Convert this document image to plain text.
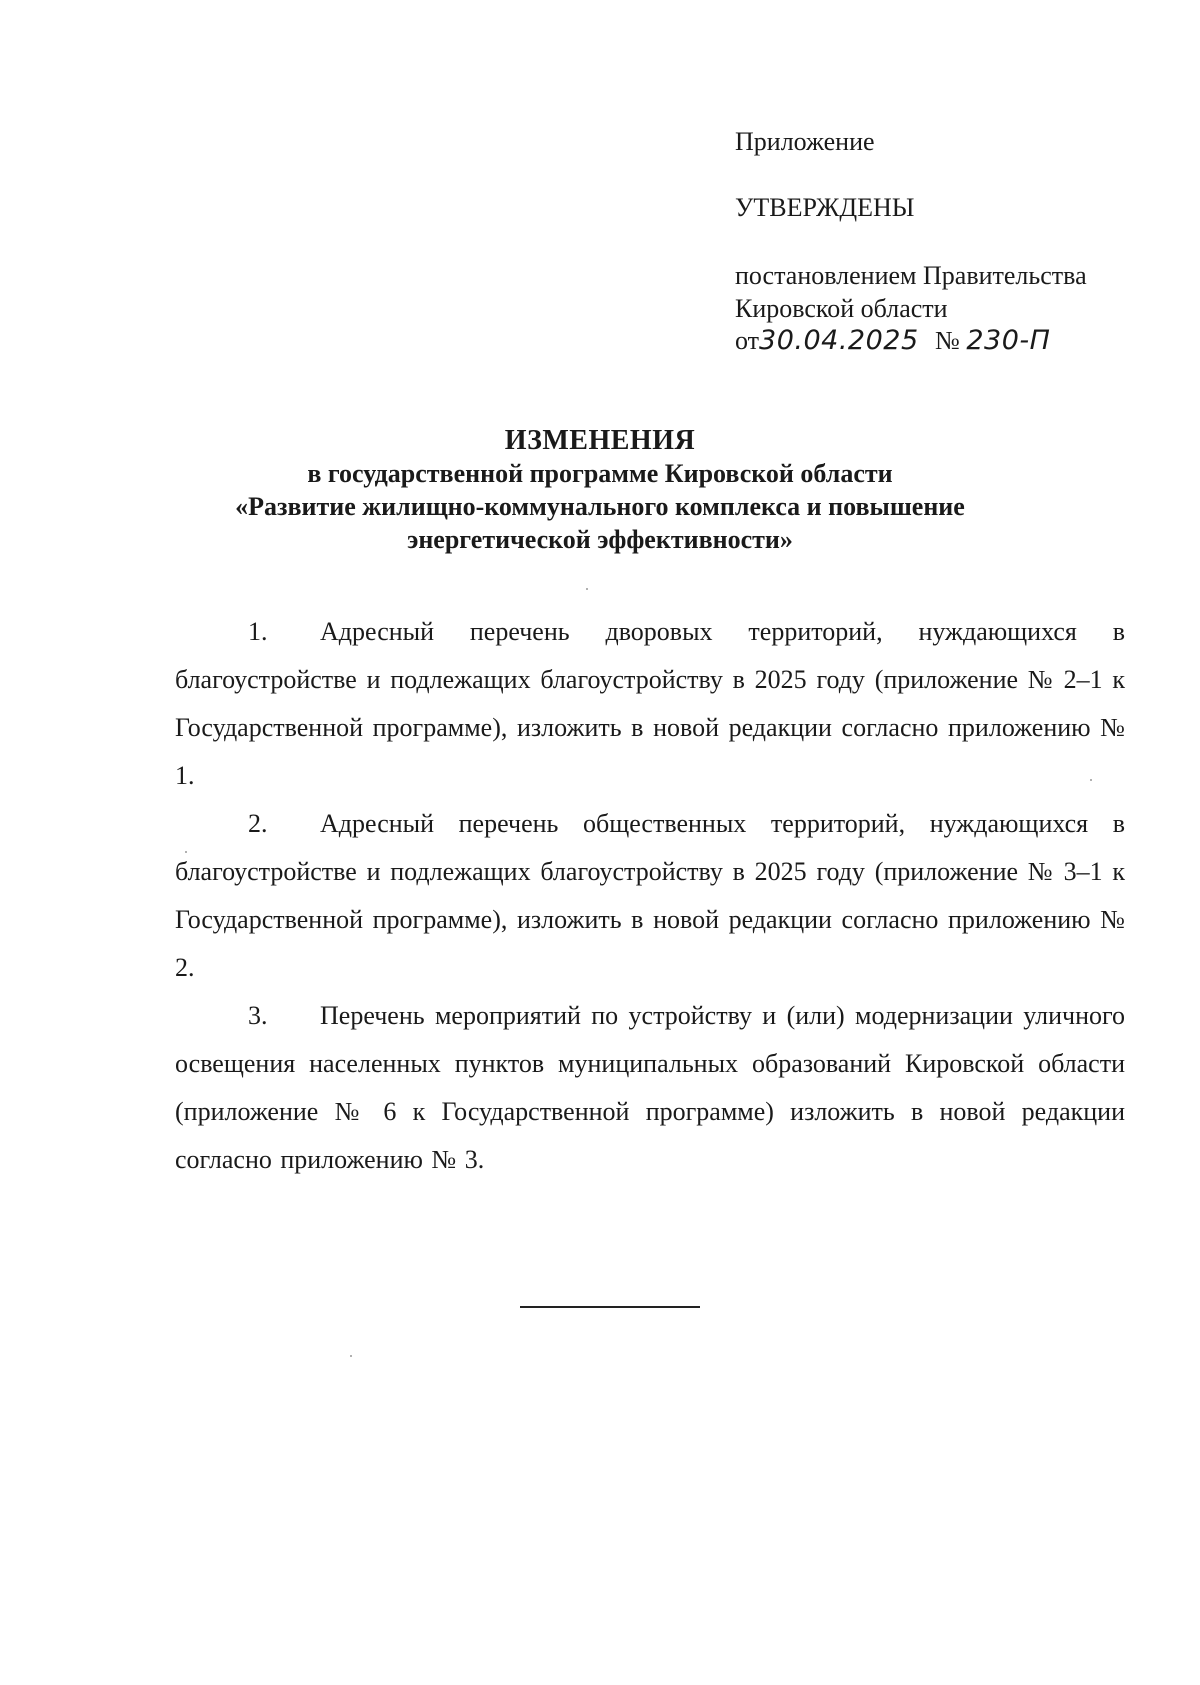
Приложение
УТВЕРЖДЕНЫ
постановлением Правительства
Кировской области
от30.04.2025 № 230-П
ИЗМЕНЕНИЯ
в государственной программе Кировской области
«Развитие жилищно-коммунального комплекса и повышение
энергетической эффективности»

1. Адресный перечень дворовых территорий, нуждающихся в благоустройстве и подлежащих благоустройству в 2025 году (приложение № 2–1 к Государственной программе), изложить в новой редакции согласно приложению № 1.

2. Адресный перечень общественных территорий, нуждающихся в благоустройстве и подлежащих благоустройству в 2025 году (приложение № 3–1 к Государственной программе), изложить в новой редакции согласно приложению № 2.

3. Перечень мероприятий по устройству и (или) модернизации уличного освещения населенных пунктов муниципальных образований Кировской области (приложение № 6 к Государственной программе) изложить в новой редакции согласно приложению № 3.
